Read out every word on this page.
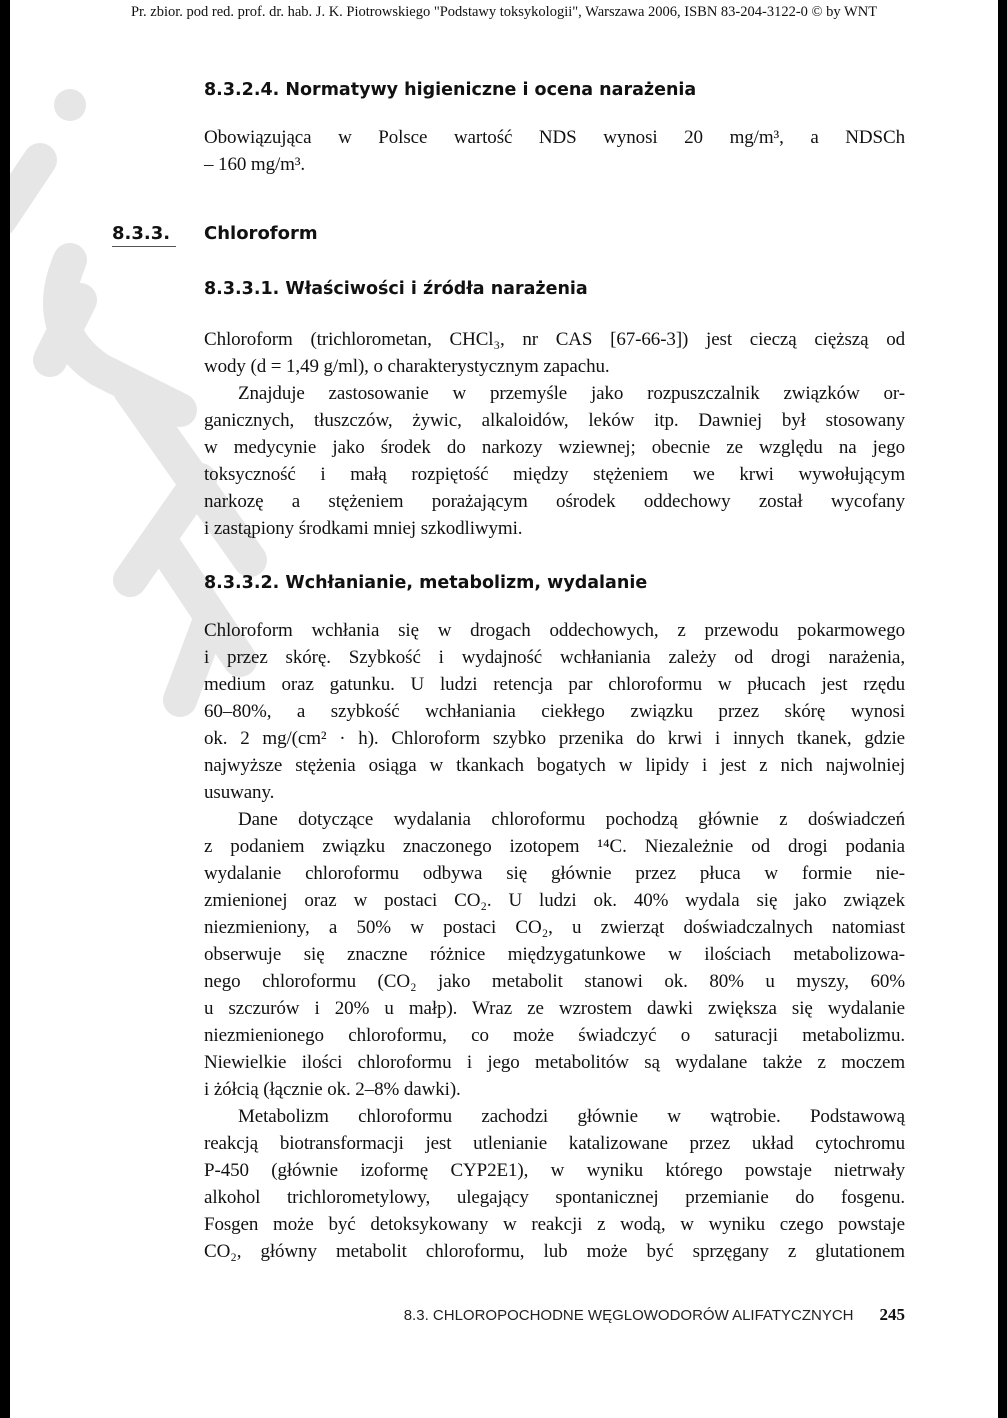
Pr. zbior. pod red. prof. dr. hab. J. K. Piotrowskiego "Podstawy toksykologii", Warszawa 2006, ISBN 83-204-3122-0 © by WNT
8.3.2.4. Normatywy higieniczne i ocena narażenia
Obowiązująca w Polsce wartość NDS wynosi 20 mg/m³, a NDSCh
– 160 mg/m³.
8.3.3.	Chloroform
8.3.3.1. Właściwości i źródła narażenia
Chloroform (trichlorometan, CHCl₃, nr CAS [67-66-3]) jest cieczą cięższą od
wody (d = 1,49 g/ml), o charakterystycznym zapachu.
Znajduje zastosowanie w przemyśle jako rozpuszczalnik związków or-
ganicznych, tłuszczów, żywic, alkaloidów, leków itp. Dawniej był stosowany
w medycynie jako środek do narkozy wziewnej; obecnie ze względu na jego
toksyczność i małą rozpiętość między stężeniem we krwi wywołującym
narkozę a stężeniem porażającym ośrodek oddechowy został wycofany
i zastąpiony środkami mniej szkodliwymi.
8.3.3.2. Wchłanianie, metabolizm, wydalanie
Chloroform wchłania się w drogach oddechowych, z przewodu pokarmowego
i przez skórę. Szybkość i wydajność wchłaniania zależy od drogi narażenia,
medium oraz gatunku. U ludzi retencja par chloroformu w płucach jest rzędu
60–80%, a szybkość wchłaniania ciekłego związku przez skórę wynosi
ok. 2 mg/(cm² · h). Chloroform szybko przenika do krwi i innych tkanek, gdzie
najwyższe stężenia osiąga w tkankach bogatych w lipidy i jest z nich najwolniej
usuwany.
Dane dotyczące wydalania chloroformu pochodzą głównie z doświadczeń
z podaniem związku znaczonego izotopem ¹⁴C. Niezależnie od drogi podania
wydalanie chloroformu odbywa się głównie przez płuca w formie nie-
zmienionej oraz w postaci CO₂. U ludzi ok. 40% wydala się jako związek
niezmieniony, a 50% w postaci CO₂, u zwierząt doświadczalnych natomiast
obserwuje się znaczne różnice międzygatunkowe w ilościach metabolizowa-
nego chloroformu (CO₂ jako metabolit stanowi ok. 80% u myszy, 60%
u szczurów i 20% u małp). Wraz ze wzrostem dawki zwiększa się wydalanie
niezmienionego chloroformu, co może świadczyć o saturacji metabolizmu.
Niewielkie ilości chloroformu i jego metabolitów są wydalane także z moczem
i żółcią (łącznie ok. 2–8% dawki).
Metabolizm chloroformu zachodzi głównie w wątrobie. Podstawową
reakcją biotransformacji jest utlenianie katalizowane przez układ cytochromu
P-450 (głównie izoformę CYP2E1), w wyniku którego powstaje nietrwały
alkohol trichlorometylowy, ulegający spontanicznej przemianie do fosgenu.
Fosgen może być detoksykowany w reakcji z wodą, w wyniku czego powstaje
CO₂, główny metabolit chloroformu, lub może być sprzęgany z glutationem
8.3. CHLOROPOCHODNE WĘGLOWODORÓW ALIFATYCZNYCH 245
